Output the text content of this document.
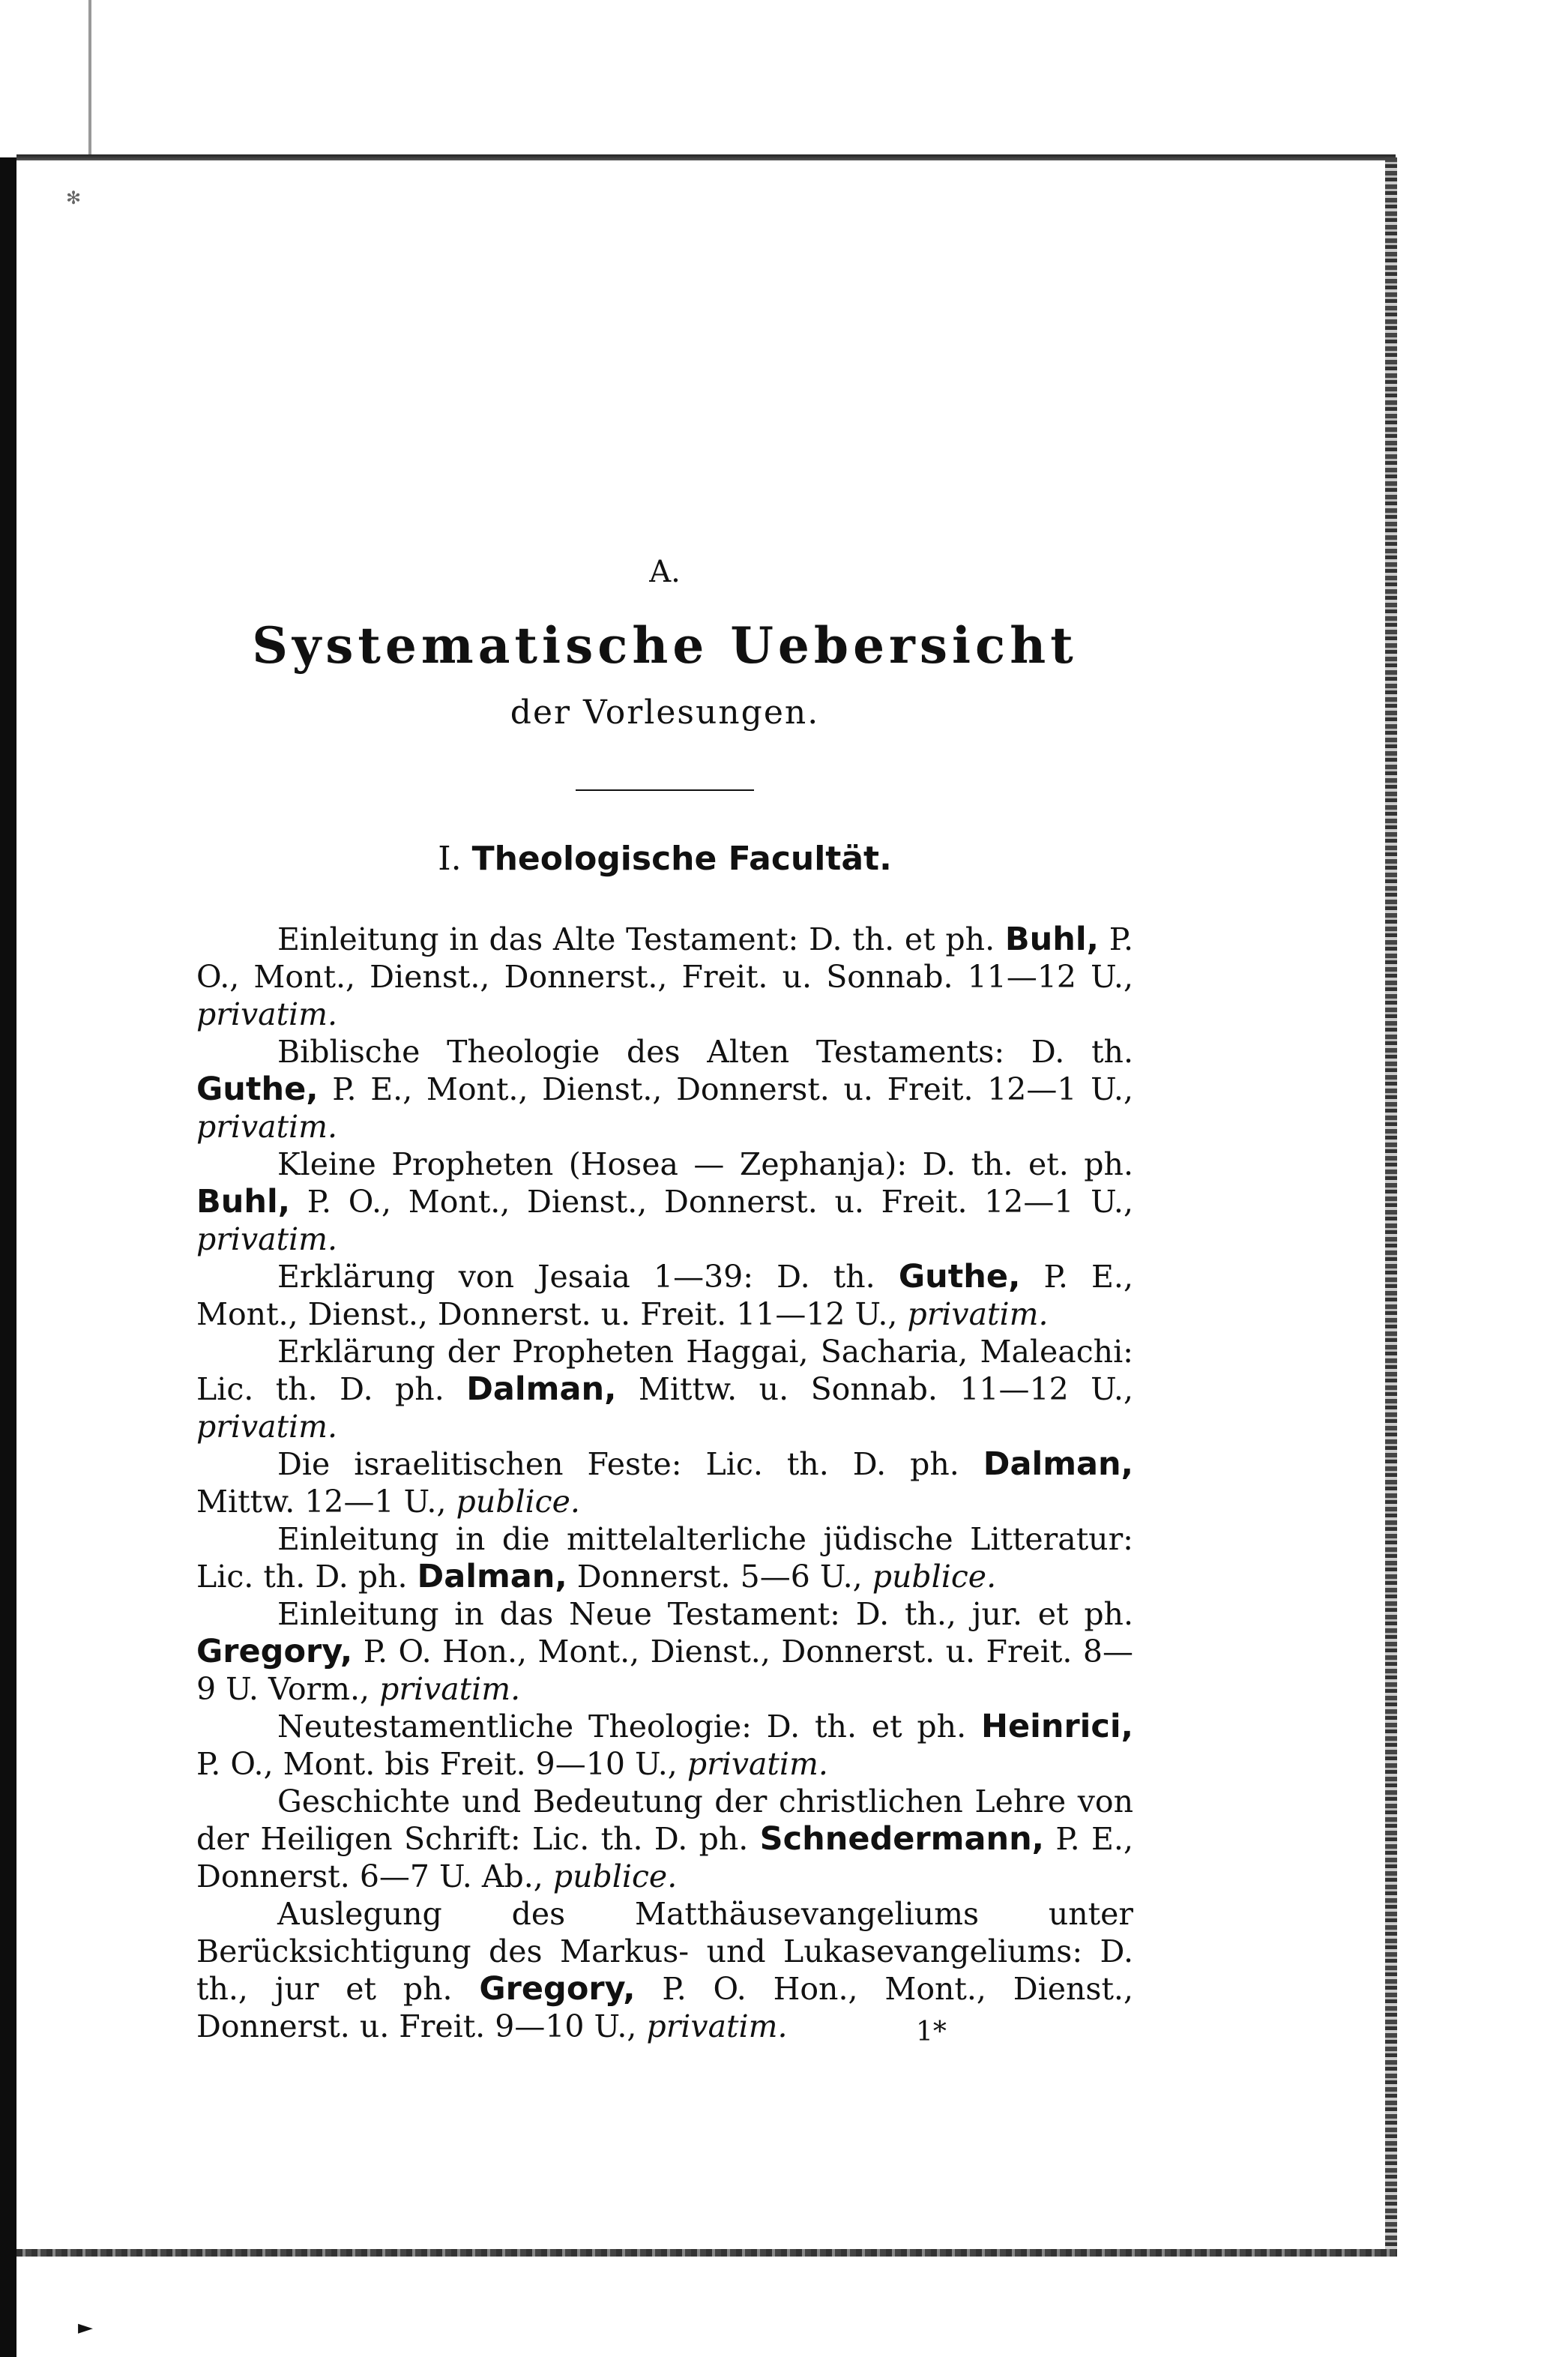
✻
►
A.
Systematische Uebersicht
der Vorlesungen.
I. Theologische Facultät.

Einleitung in das Alte Testament: D. th. et ph. Buhl, P. O., Mont., Dienst., Donnerst., Freit. u. Sonnab. 11—12 U., privatim.

Biblische Theologie des Alten Testaments: D. th. Guthe, P. E., Mont., Dienst., Donnerst. u. Freit. 12—1 U., privatim.

Kleine Propheten (Hosea — Zephanja): D. th. et. ph. Buhl, P. O., Mont., Dienst., Donnerst. u. Freit. 12—1 U., privatim.

Erklärung von Jesaia 1—39: D. th. Guthe, P. E., Mont., Dienst., Donnerst. u. Freit. 11—12 U., privatim.

Erklärung der Propheten Haggai, Sacharia, Maleachi: Lic. th. D. ph. Dalman, Mittw. u. Sonnab. 11—12 U., privatim.

Die israelitischen Feste: Lic. th. D. ph. Dalman, Mittw. 12—1 U., publice.

Einleitung in die mittelalterliche jüdische Litteratur: Lic. th. D. ph. Dalman, Donnerst. 5—6 U., publice.

Einleitung in das Neue Testament: D. th., jur. et ph. Gregory, P. O. Hon., Mont., Dienst., Donnerst. u. Freit. 8—9 U. Vorm., privatim.

Neutestamentliche Theologie: D. th. et ph. Heinrici, P. O., Mont. bis Freit. 9—10 U., privatim.

Geschichte und Bedeutung der christlichen Lehre von der Heiligen Schrift: Lic. th. D. ph. Schnedermann, P. E., Donnerst. 6—7 U. Ab., publice.

Auslegung des Matthäusevangeliums unter Berücksichtigung des Markus- und Lukasevangeliums: D. th., jur et ph. Gregory, P. O. Hon., Mont., Dienst., Donnerst. u. Freit. 9—10 U., privatim.	1*
